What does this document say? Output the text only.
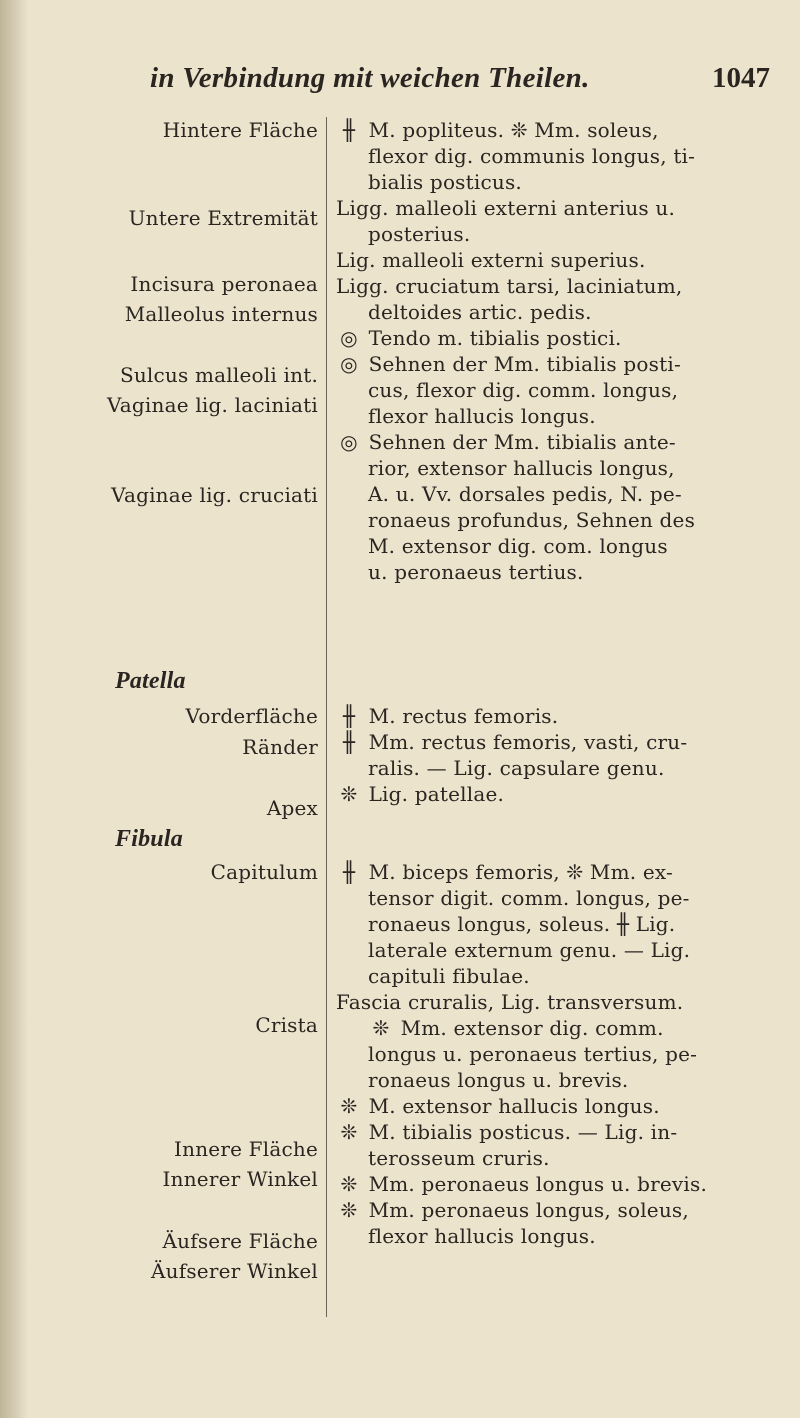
in Verbindung mit weichen Theilen.	1047
Hintere Fläche
Untere Extremität
Incisura peronaea
Malleolus internus
Sulcus malleoli int.
Vaginae lig. laciniati
Vaginae lig. cruciati
Patella
Vorderfläche
Ränder
Apex
Fibula
Capitulum
Crista
Innere Fläche
Innerer Winkel
Äufsere Fläche
Äufserer Winkel
╫ M. popliteus. ❊ Mm. soleus,
flexor dig. communis longus, ti-
bialis posticus.
Ligg. malleoli externi anterius u.
posterius.
Lig. malleoli externi superius.
Ligg. cruciatum tarsi, laciniatum,
deltoides artic. pedis.
◎ Tendo m. tibialis postici.
◎ Sehnen der Mm. tibialis posti-
cus, flexor dig. comm. longus,
flexor hallucis longus.
◎ Sehnen der Mm. tibialis ante-
rior, extensor hallucis longus,
A. u. Vv. dorsales pedis, N. pe-
ronaeus profundus, Sehnen des
M. extensor dig. com. longus
u. peronaeus tertius.
╫ M. rectus femoris.
╫ Mm. rectus femoris, vasti, cru-
ralis. — Lig. capsulare genu.
❊ Lig. patellae.
╫ M. biceps femoris, ❊ Mm. ex-
tensor digit. comm. longus, pe-
ronaeus longus, soleus. ╫ Lig.
laterale externum genu. — Lig.
capituli fibulae.
Fascia cruralis, Lig. transversum.
❊ Mm. extensor dig. comm.
longus u. peronaeus tertius, pe-
ronaeus longus u. brevis.
❊ M. extensor hallucis longus.
❊ M. tibialis posticus. — Lig. in-
terosseum cruris.
❊ Mm. peronaeus longus u. brevis.
❊ Mm. peronaeus longus, soleus,
flexor hallucis longus.
